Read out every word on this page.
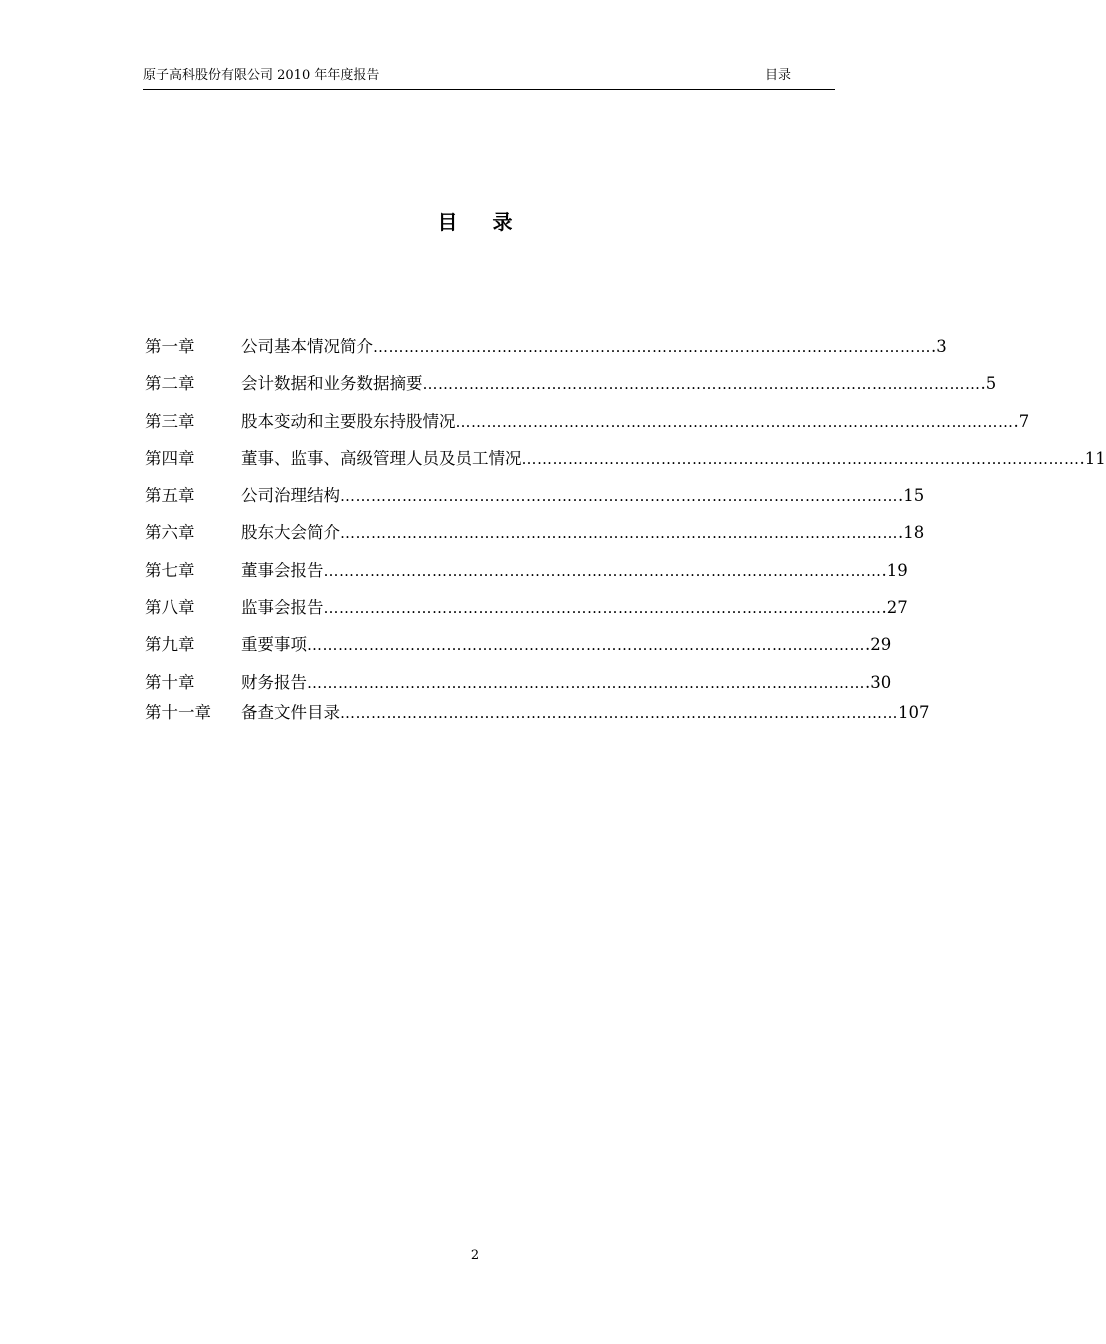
原子高科股份有限公司 2010 年年度报告	目录
目 录
第一章	公司基本情况简介 ……………………………………………………………………………………………… .3
第二章	会计数据和业务数据摘要 ……………………………………………………………………………………………… .5
第三章	股本变动和主要股东持股情况 ……………………………………………………………………………………………… .7
第四章	董事、监事、高级管理人员及员工情况 ……………………………………………………………………………………………… .11
第五章	公司治理结构 ……………………………………………………………………………………………… .15
第六章	股东大会简介 ……………………………………………………………………………………………… .18
第七章	董事会报告 ……………………………………………………………………………………………… .19
第八章	监事会报告 ……………………………………………………………………………………………… .27
第九章	重要事项 ……………………………………………………………………………………………… .29
第十章	财务报告 ……………………………………………………………………………………………… .30
第十一章	备查文件目录 ……………………………………………………………………………………………… 107
2
